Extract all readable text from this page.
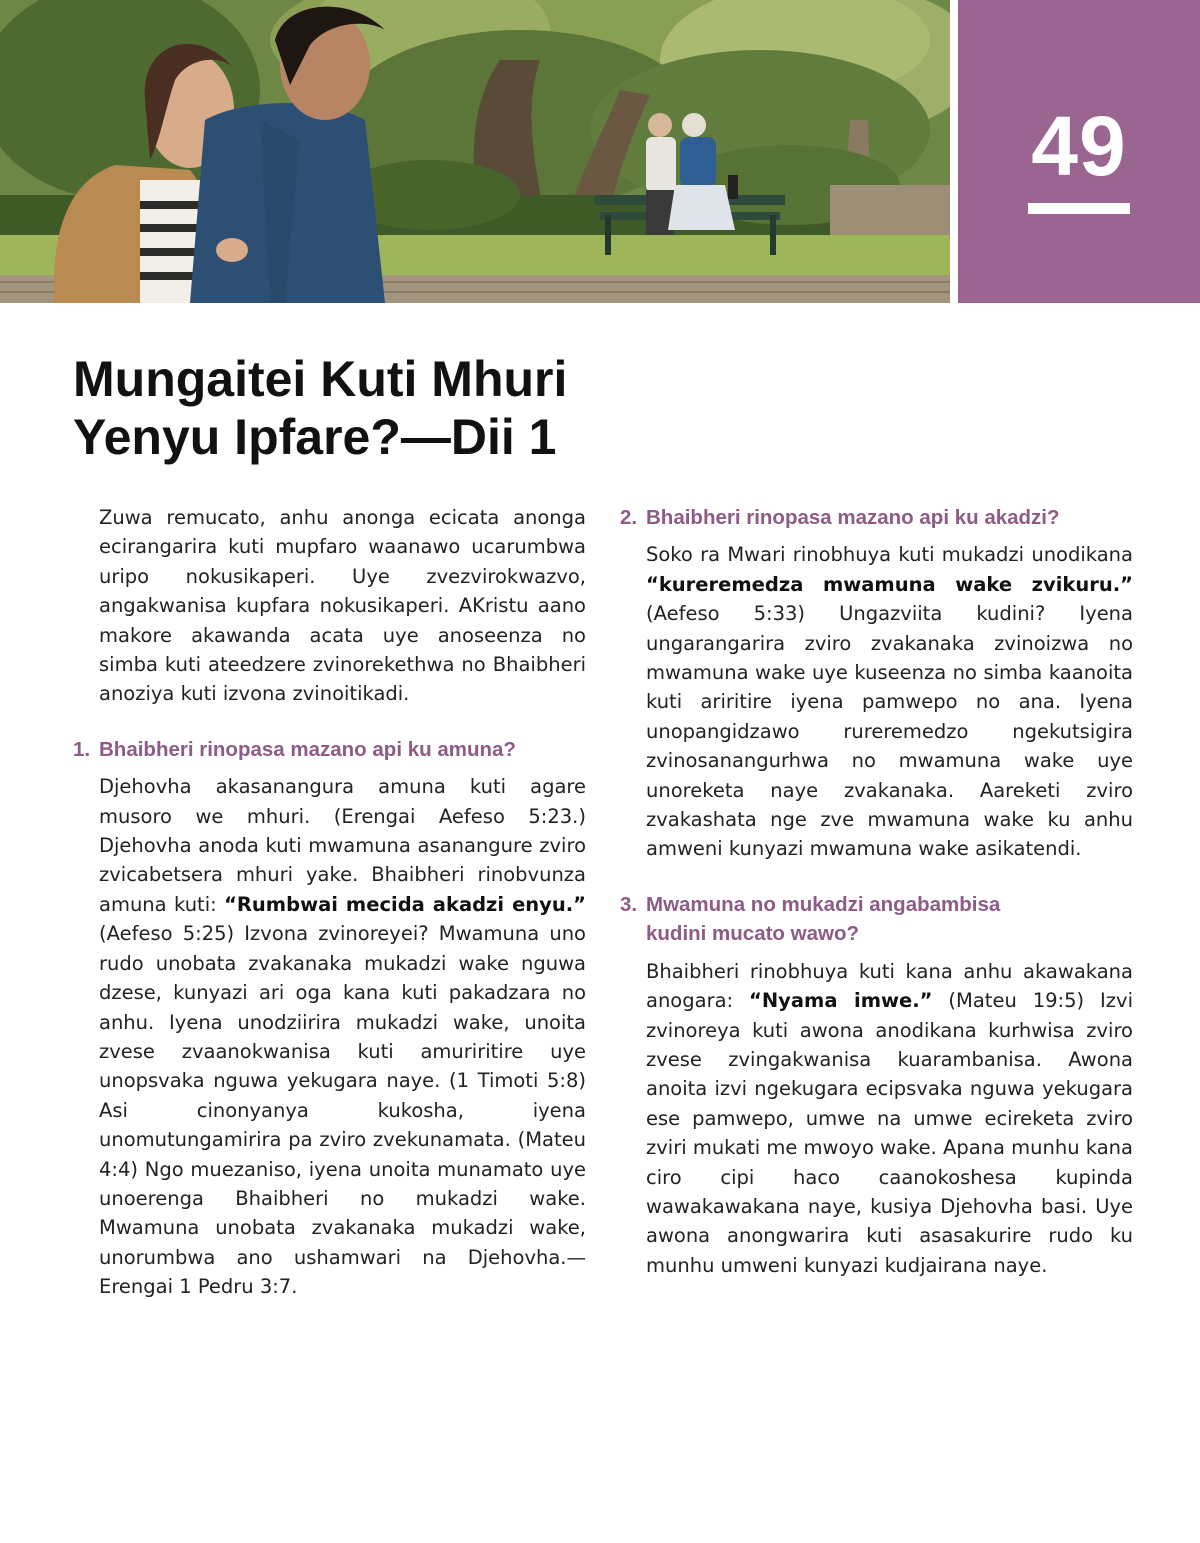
49
Mungaitei Kuti Mhuri
Yenyu Ipfare?—Dii 1

Zuwa remucato, anhu anonga ecicata anonga ecirangarira kuti mupfaro waanawo ucarumbwa uripo nokusikaperi. Uye zvezvirokwazvo, angakwanisa kupfara nokusikaperi. AKristu aano makore akawanda acata uye anoseenza no simba kuti ateedzere zvinorekethwa no Bhaibheri anoziya kuti izvona zvinoitikadi.

1. Bhaibheri rinopasa mazano api ku amuna?

Djehovha akasanangura amuna kuti agare musoro we mhuri. (Erengai Aefeso 5:23.) Djehovha anoda kuti mwamuna asanangure zviro zvicabetsera mhuri yake. Bhaibheri rinobvunza amuna kuti: “Rumbwai mecida akadzi enyu.” (Aefeso 5:25) Izvona zvinoreyei? Mwamuna uno rudo unobata zvakanaka mukadzi wake nguwa dzese, kunyazi ari oga kana kuti pakadzara no anhu. Iyena unodziirira mukadzi wake, unoita zvese zvaanokwanisa kuti amuriritire uye unopsvaka nguwa yekugara naye. (1 Timoti 5:8) Asi cinonyanya kukosha, iyena unomutungamirira pa zviro zvekunamata. (Mateu 4:4) Ngo muezaniso, iyena unoita munamato uye unoerenga Bhaibheri no mukadzi wake. Mwamuna unobata zvakanaka mukadzi wake, unorumbwa ano ushamwari na Djehovha.—Erengai 1 Pedru 3:7.

2. Bhaibheri rinopasa mazano api ku akadzi?

Soko ra Mwari rinobhuya kuti mukadzi unodikana “kureremedza mwamuna wake zvikuru.” (Aefeso 5:33) Ungazviita kudini? Iyena ungarangarira zviro zvakanaka zvinoizwa no mwamuna wake uye kuseenza no simba kaanoita kuti ariritire iyena pamwepo no ana. Iyena unopangidzawo rureremedzo ngekutsigira zvinosanangurhwa no mwamuna wake uye unoreketa naye zvakanaka. Aareketi zviro zvakashata nge zve mwamuna wake ku anhu amweni kunyazi mwamuna wake asikatendi.

3. Mwamuna no mukadzi angabambisa kudini mucato wawo?

Bhaibheri rinobhuya kuti kana anhu akawakana anogara: “Nyama imwe.” (Mateu 19:5) Izvi zvinoreya kuti awona anodikana kurhwisa zviro zvese zvingakwanisa kuarambanisa. Awona anoita izvi ngekugara ecipsvaka nguwa yekugara ese pamwepo, umwe na umwe ecireketa zviro zviri mukati me mwoyo wake. Apana munhu kana ciro cipi haco caanokoshesa kupinda wawakawakana naye, kusiya Djehovha basi. Uye awona anongwarira kuti asasakurire rudo ku munhu umweni kunyazi kudjairana naye.
